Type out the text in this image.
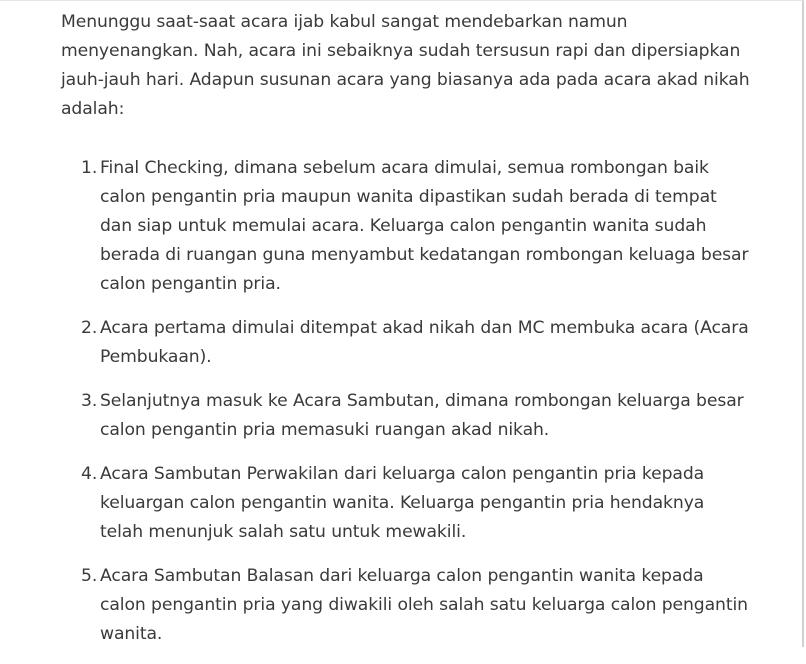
Menunggu saat-saat acara ijab kabul sangat mendebarkan namun menyenangkan. Nah, acara ini sebaiknya sudah tersusun rapi dan dipersiapkan jauh-jauh hari. Adapun susunan acara yang biasanya ada pada acara akad nikah adalah:

1. Final Checking, dimana sebelum acara dimulai, semua rombongan baik calon pengantin pria maupun wanita dipastikan sudah berada di tempat dan siap untuk memulai acara. Keluarga calon pengantin wanita sudah berada di ruangan guna menyambut kedatangan rombongan keluaga besar calon pengantin pria.
2. Acara pertama dimulai ditempat akad nikah dan MC membuka acara (Acara Pembukaan).
3. Selanjutnya masuk ke Acara Sambutan, dimana rombongan keluarga besar calon pengantin pria memasuki ruangan akad nikah.
4. Acara Sambutan Perwakilan dari keluarga calon pengantin pria kepada keluargan calon pengantin wanita. Keluarga pengantin pria hendaknya telah menunjuk salah satu untuk mewakili.
5. Acara Sambutan Balasan dari keluarga calon pengantin wanita kepada calon pengantin pria yang diwakili oleh salah satu keluarga calon pengantin wanita.
